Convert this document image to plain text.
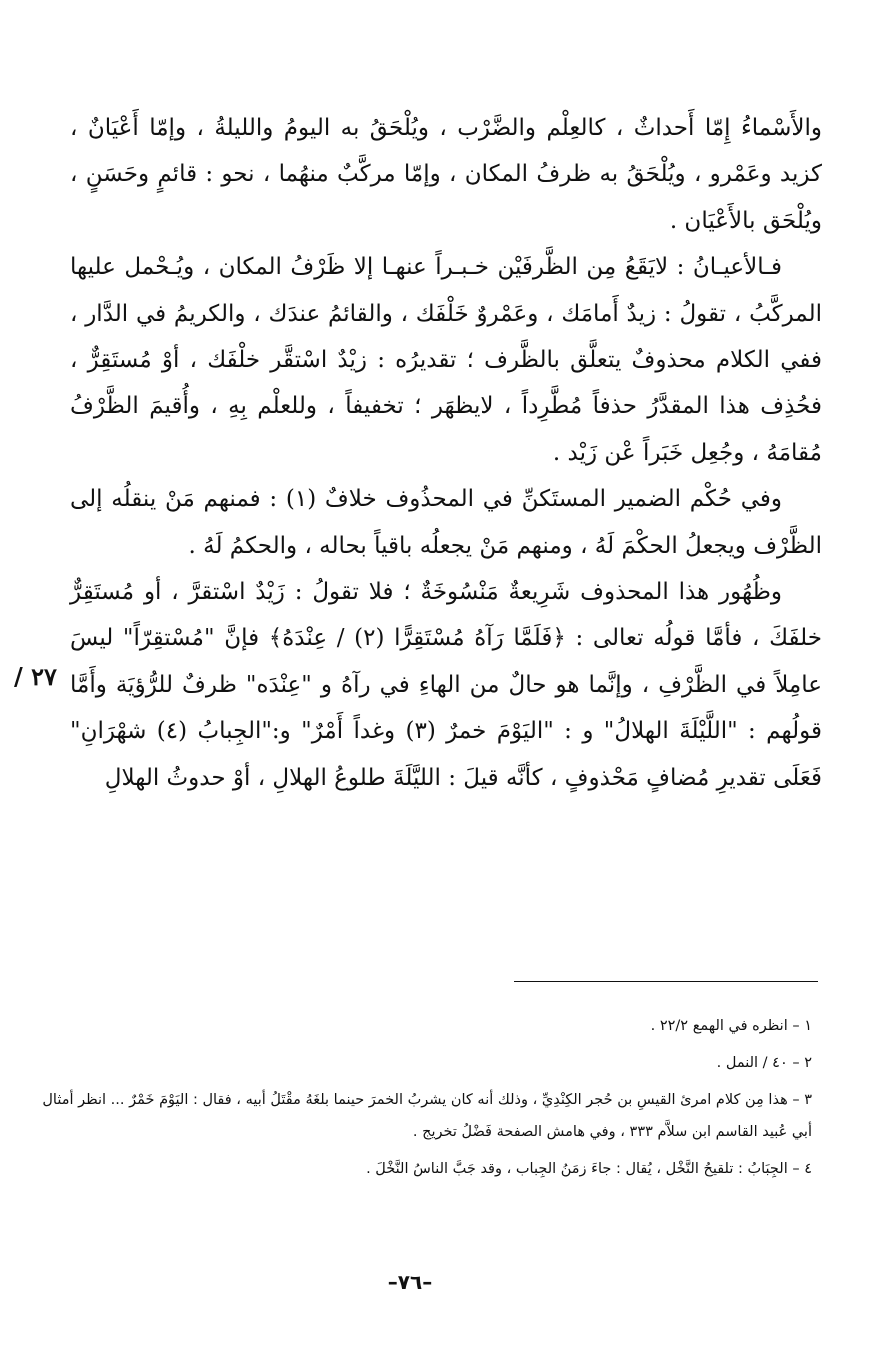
والأَسْماءُ إِمّا أَحداثٌ ، كالعِلْم والضَّرْب ، ويُلْحَقُ به اليومُ والليلةُ ، وإمّا أَعْيَانٌ ، كزيد وعَمْرو ، ويُلْحَقُ به ظرفُ المكان ، وإمّا مركَّبٌ منهُما ، نحو : قائمٍ وحَسَنٍ ، ويُلْحَق بالأَعْيَان .

فـالأعيـانُ : لايَقَعُ مِن الظَّرفَيْن خـبـراً عنهـا إلا ظَرْفُ المكان ، ويُـحْمل عليها المركَّبُ ، تقولُ : زيدٌ أَمامَك ، وعَمْروٌ خَلْفَك ، والقائمُ عندَك ، والكريمُ في الدَّار ، ففي الكلام محذوفٌ يتعلَّق بالظَّرف ؛ تقديرُه : زيْدٌ اسْتقَّر خلْفَك ، أوْ مُستَقِرٌّ ، فحُذِف هذا المقدَّرُ حذفاً مُطَّرِداً ، لايظهَر ؛ تخفيفاً ، وللعلْم بِهِ ، وأُقيمَ الظَّرْفُ مُقامَهُ ، وجُعِل خَبَراً عْن زَيْد .

وفي حُكْم الضمير المستَكنِّ في المحذُوف خلافٌ (١) : فمنهم مَنْ ينقلُه إلى الظَّرْف ويجعلُ الحكْمَ لَهُ ، ومنهم مَنْ يجعلُه باقياً بحاله ، والحكمُ لَهُ .

وظُهُور هذا المحذوف شَرِيعةٌ مَنْسُوخَةٌ ؛ فلا تقولُ : زَيْدٌ اسْتقرَّ ، أو مُستَقِرٌّ خلفَكَ ، فأمَّا قولُه تعالى : ﴿فَلَمَّا رَآهُ مُسْتَقِرًّا (٢) / عِنْدَهُ﴾ فإنَّ "مُسْتقِرّاً" ليسَ عامِلاً في الظَّرْفِ ، وإنَّما هو حالٌ من الهاءِ في رآهُ و "عِنْدَه" ظرفٌ للرُّؤيَة وأَمَّا قولُهم : "اللَّيْلَةَ الهلالُ" و : "اليَوْمَ خمرٌ (٣) وغداً أَمْرٌ" و:"الجِبابُ (٤) شهْرَانِ" فَعَلَى تقديرِ مُضافٍ مَحْذوفٍ ، كأنَّه قيلَ : الليَّلَةَ طلوعُ الهلالِ ، أوْ حدوثُ الهلالِ

٢٧ /

١ – انظره في الهمع ٢٢/٢ .

٢ – ٤٠ / النمل .

٣ – هذا مِن كلام امرئ القيسِ بن حُجر الكِنْدِيِّ ، وذلك أنه كان يشربُ الخمرَ حينما بلغَهُ مقْتَلُ أبيه ، فقال : اليَوْمَ خَمْرٌ ... انظر أمثال أبي عُبيد القاسم ابن سلاَّم ٣٣٣ ، وفي هامش الصفحة فَضْلُ تخريج .

٤ – الجِبَابُ : تلقيحُ النَّخْل ، يُقال : جاءَ زمَنُ الجِباب ، وقد جَبَّ الناسُ النَّخْلَ .

–٧٦–
